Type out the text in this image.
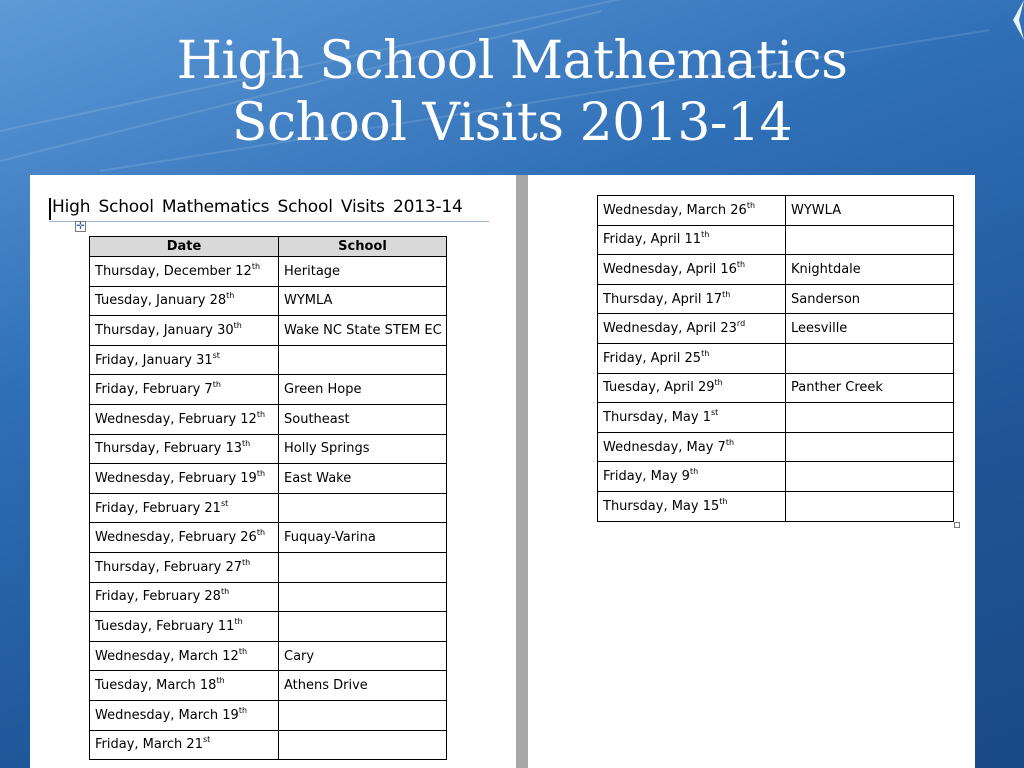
High School Mathematics
School Visits 2013-14
High School Mathematics School Visits 2013-14
✛
Date	School
Thursday, December 12th	Heritage
Tuesday, January 28th	WYMLA
Thursday, January 30th	Wake NC State STEM EC
Friday, January 31st	
Friday, February 7th	Green Hope
Wednesday, February 12th	Southeast
Thursday, February 13th	Holly Springs
Wednesday, February 19th	East Wake
Friday, February 21st	
Wednesday, February 26th	Fuquay-Varina
Thursday, February 27th	
Friday, February 28th	
Tuesday, February 11th	
Wednesday, March 12th	Cary
Tuesday, March 18th	Athens Drive
Wednesday, March 19th	
Friday, March 21st	
Wednesday, March 26th	WYWLA
Friday, April 11th	
Wednesday, April 16th	Knightdale
Thursday, April 17th	Sanderson
Wednesday, April 23rd	Leesville
Friday, April 25th	
Tuesday, April 29th	Panther Creek
Thursday, May 1st	
Wednesday, May 7th	
Friday, May 9th	
Thursday, May 15th	
